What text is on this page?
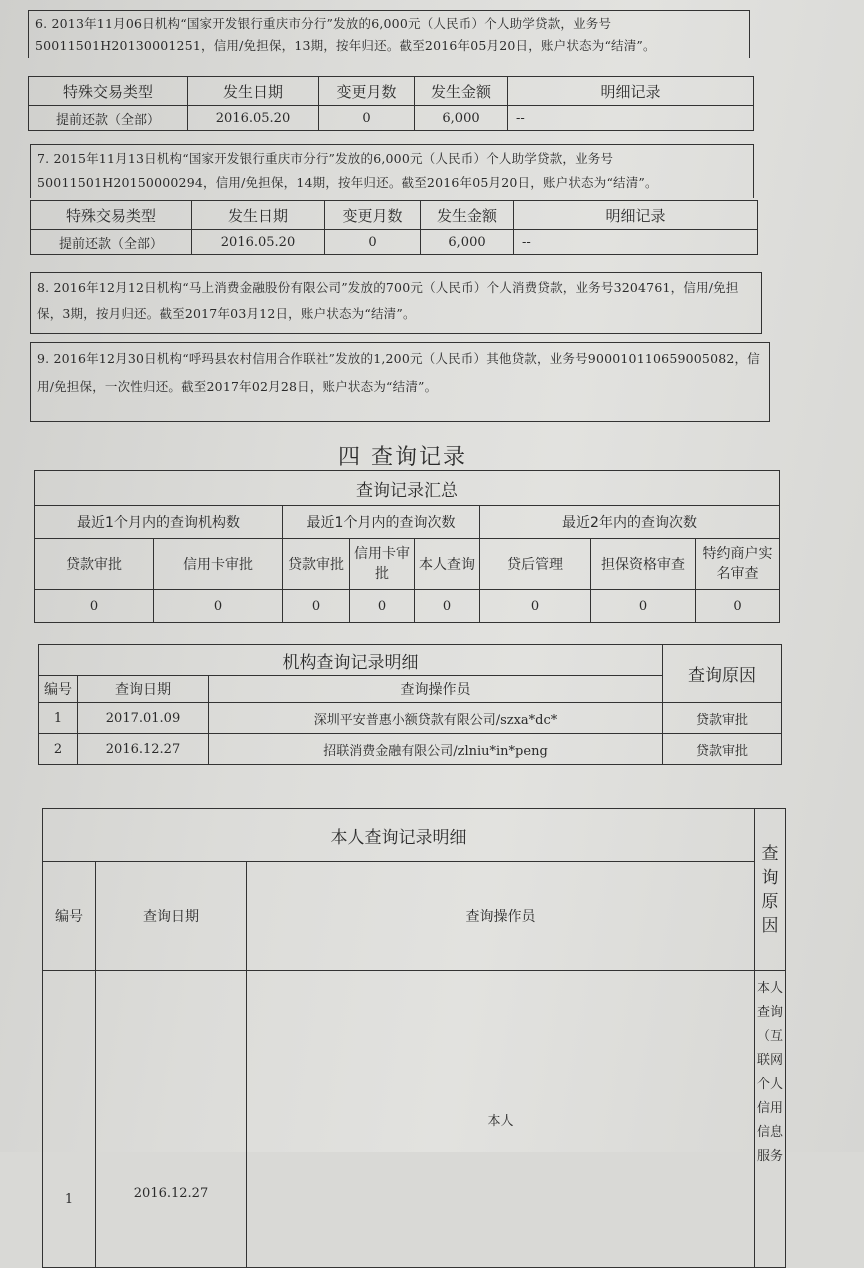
6. 2013年11月06日机构“国家开发银行重庆市分行”发放的6,000元（人民币）个人助学贷款，业务号50011501H20130001251，信用/免担保，13期，按年归还。截至2016年05月20日，账户状态为“结清”。
特殊交易类型	发生日期	变更月数	发生金额	明细记录
提前还款（全部）	2016.05.20	0	6,000	--
7. 2015年11月13日机构“国家开发银行重庆市分行”发放的6,000元（人民币）个人助学贷款，业务号50011501H20150000294，信用/免担保，14期，按年归还。截至2016年05月20日，账户状态为“结清”。
特殊交易类型	发生日期	变更月数	发生金额	明细记录
提前还款（全部）	2016.05.20	0	6,000	--
8. 2016年12月12日机构“马上消费金融股份有限公司”发放的700元（人民币）个人消费贷款，业务号3204761，信用/免担保，3期，按月归还。截至2017年03月12日，账户状态为“结清”。
9. 2016年12月30日机构“呼玛县农村信用合作联社”发放的1,200元（人民币）其他贷款，业务号900010110659005082，信用/免担保，一次性归还。截至2017年02月28日，账户状态为“结清”。
四 查询记录
查询记录汇总							
最近1个月内的查询机构数		最近1个月内的查询次数			最近2年内的查询次数		
贷款审批	信用卡审批	贷款审批	信用卡审批	本人查询	贷后管理	担保资格审查	特约商户实名审查
0	0	0	0	0	0	0	0
机构查询记录明细			查询原因
编号	查询日期	查询操作员	
1	2017.01.09	深圳平安普惠小额贷款有限公司/szxa*dc*	贷款审批
2	2016.12.27	招联消费金融有限公司/zlniu*in*peng	贷款审批
本人查询记录明细			查询原因
编号	查询日期	查询操作员	
1	2016.12.27	本人	本人查询（互联网个人信用信息服务
